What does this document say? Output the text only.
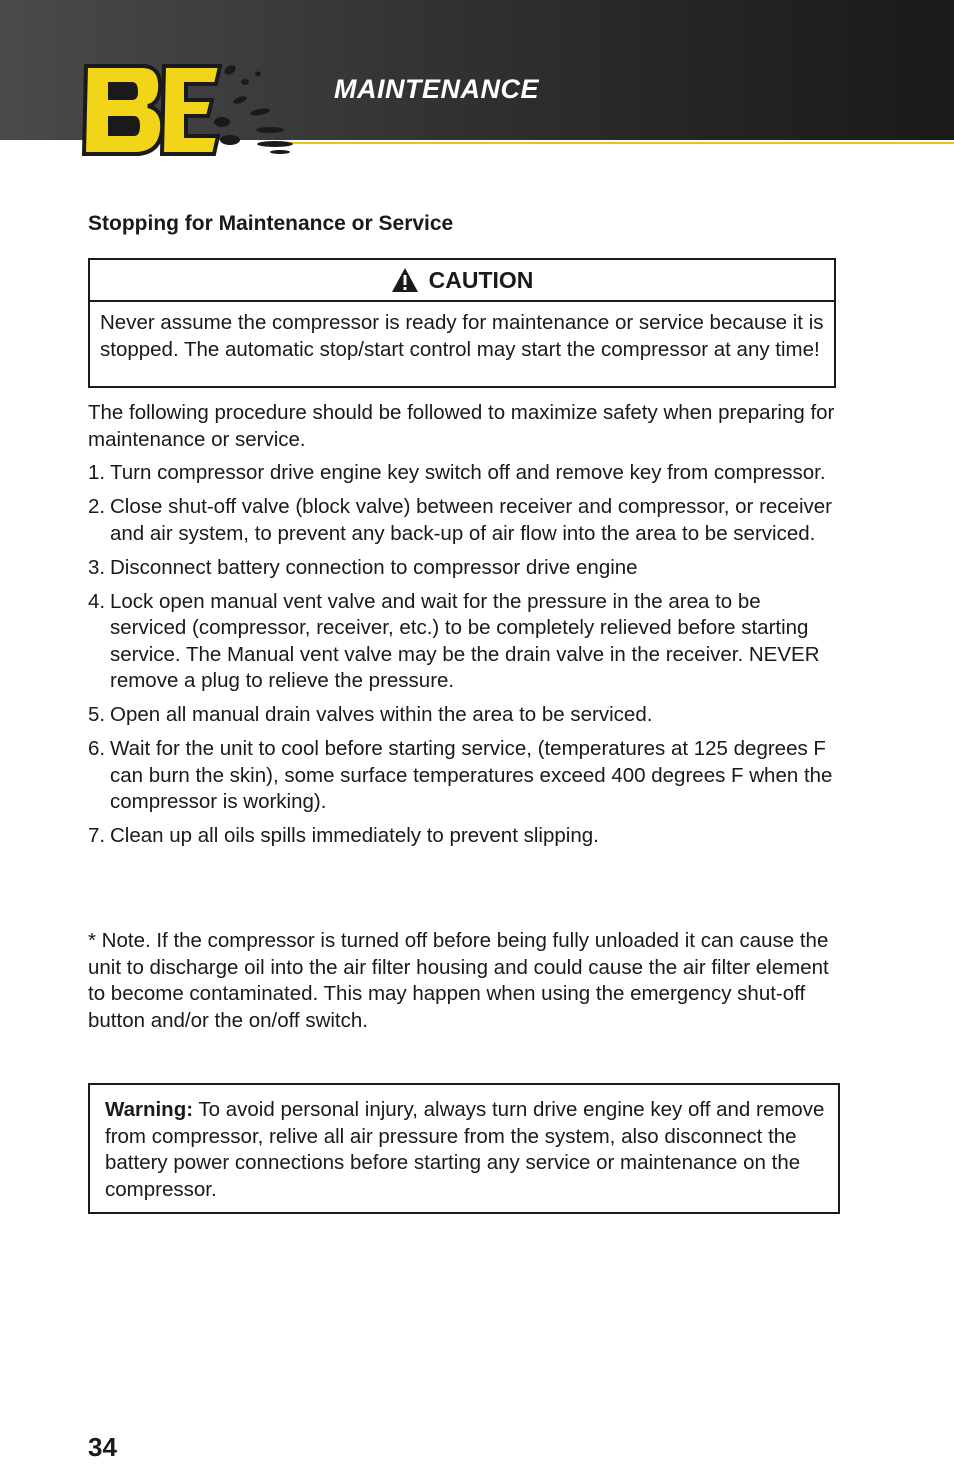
MAINTENANCE
Stopping for Maintenance or Service
CAUTION
Never assume the compressor is ready for maintenance or service because it is stopped. The automatic stop/start control may start the compressor at any time!

The following procedure should be followed to maximize safety when preparing for maintenance or service.

1. Turn compressor drive engine key switch off and remove key from compressor.
2. Close shut-off valve (block valve) between receiver and compressor, or receiver and air system, to prevent any back-up of air flow into the area to be serviced.
3. Disconnect battery connection to compressor drive engine
4. Lock open manual vent valve and wait for the pressure in the area to be serviced (compressor, receiver, etc.) to be completely relieved before starting service. The Manual vent valve may be the drain valve in the receiver. NEVER remove a plug to relieve the pressure.
5. Open all manual drain valves within the area to be serviced.
6. Wait for the unit to cool before starting service, (temperatures at 125 degrees F can burn the skin), some surface temperatures exceed 400 degrees F when the compressor is working).
7. Clean up all oils spills immediately to prevent slipping.

* Note. If the compressor is turned off before being fully unloaded it can cause the unit to discharge oil into the air filter housing and could cause the air filter element to become contaminated. This may happen when using the emergency shut-off button and/or the on/off switch.

Warning: To avoid personal injury, always turn drive engine key off and remove from compressor, relive all air pressure from the system, also disconnect the battery power connections before starting any service or maintenance on the compressor.
34
